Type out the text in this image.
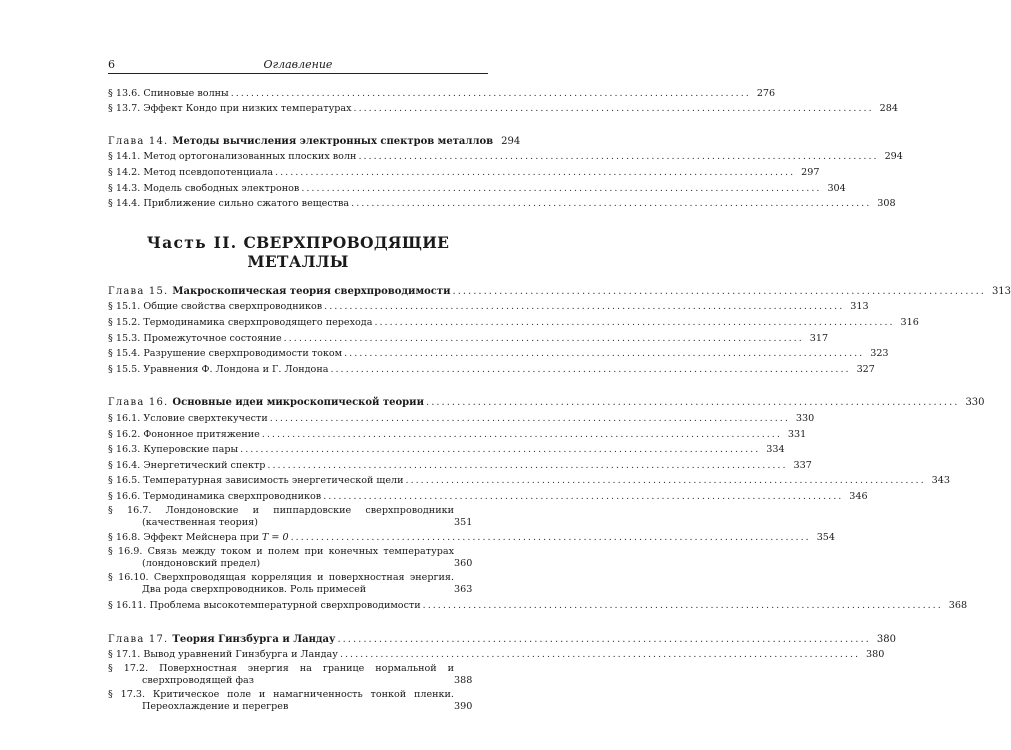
6	Оглавление
§ 13.6. Спиновые волны ....................................................................................................... 276
§ 13.7. Эффект Кондо при низких температурах ....................................................................................................... 284
Глава 14. Методы вычисления электронных спектров металлов 294
§ 14.1. Метод ортогонализованных плоских волн ....................................................................................................... 294
§ 14.2. Метод псевдопотенциала ....................................................................................................... 297
§ 14.3. Модель свободных электронов ....................................................................................................... 304
§ 14.4. Приближение сильно сжатого вещества ....................................................................................................... 308
Часть II. СВЕРХПРОВОДЯЩИЕ МЕТАЛЛЫ
Глава 15. Макроскопическая теория сверхпроводимости ....................................................................................................... 313
§ 15.1. Общие свойства сверхпроводников ....................................................................................................... 313
§ 15.2. Термодинамика сверхпроводящего перехода ....................................................................................................... 316
§ 15.3. Промежуточное состояние ....................................................................................................... 317
§ 15.4. Разрушение сверхпроводимости током ....................................................................................................... 323
§ 15.5. Уравнения Ф. Лондона и Г. Лондона ....................................................................................................... 327
Глава 16. Основные идеи микроскопической теории ....................................................................................................... 330
§ 16.1. Условие сверхтекучести ....................................................................................................... 330
§ 16.2. Фононное притяжение ....................................................................................................... 331
§ 16.3. Куперовские пары ....................................................................................................... 334
§ 16.4. Энергетический спектр ....................................................................................................... 337
§ 16.5. Температурная зависимость энергетической щели ....................................................................................................... 343
§ 16.6. Термодинамика сверхпроводников ....................................................................................................... 346
§ 16.7. Лондоновские и пиппардовские сверхпроводники (качественная теория)	351
§ 16.8. Эффект Мейснера при T = 0 ....................................................................................................... 354
§ 16.9. Связь между током и полем при конечных температурах (лондоновский предел)	360
§ 16.10. Сверхпроводящая корреляция и поверхностная энергия. Два рода сверхпроводников. Роль примесей	363
§ 16.11. Проблема высокотемпературной сверхпроводимости ....................................................................................................... 368
Глава 17. Теория Гинзбурга и Ландау ....................................................................................................... 380
§ 17.1. Вывод уравнений Гинзбурга и Ландау ....................................................................................................... 380
§ 17.2. Поверхностная энергия на границе нормальной и сверхпроводящей фаз	388
§ 17.3. Критическое поле и намагниченность тонкой пленки. Переохлаждение и перегрев	390
